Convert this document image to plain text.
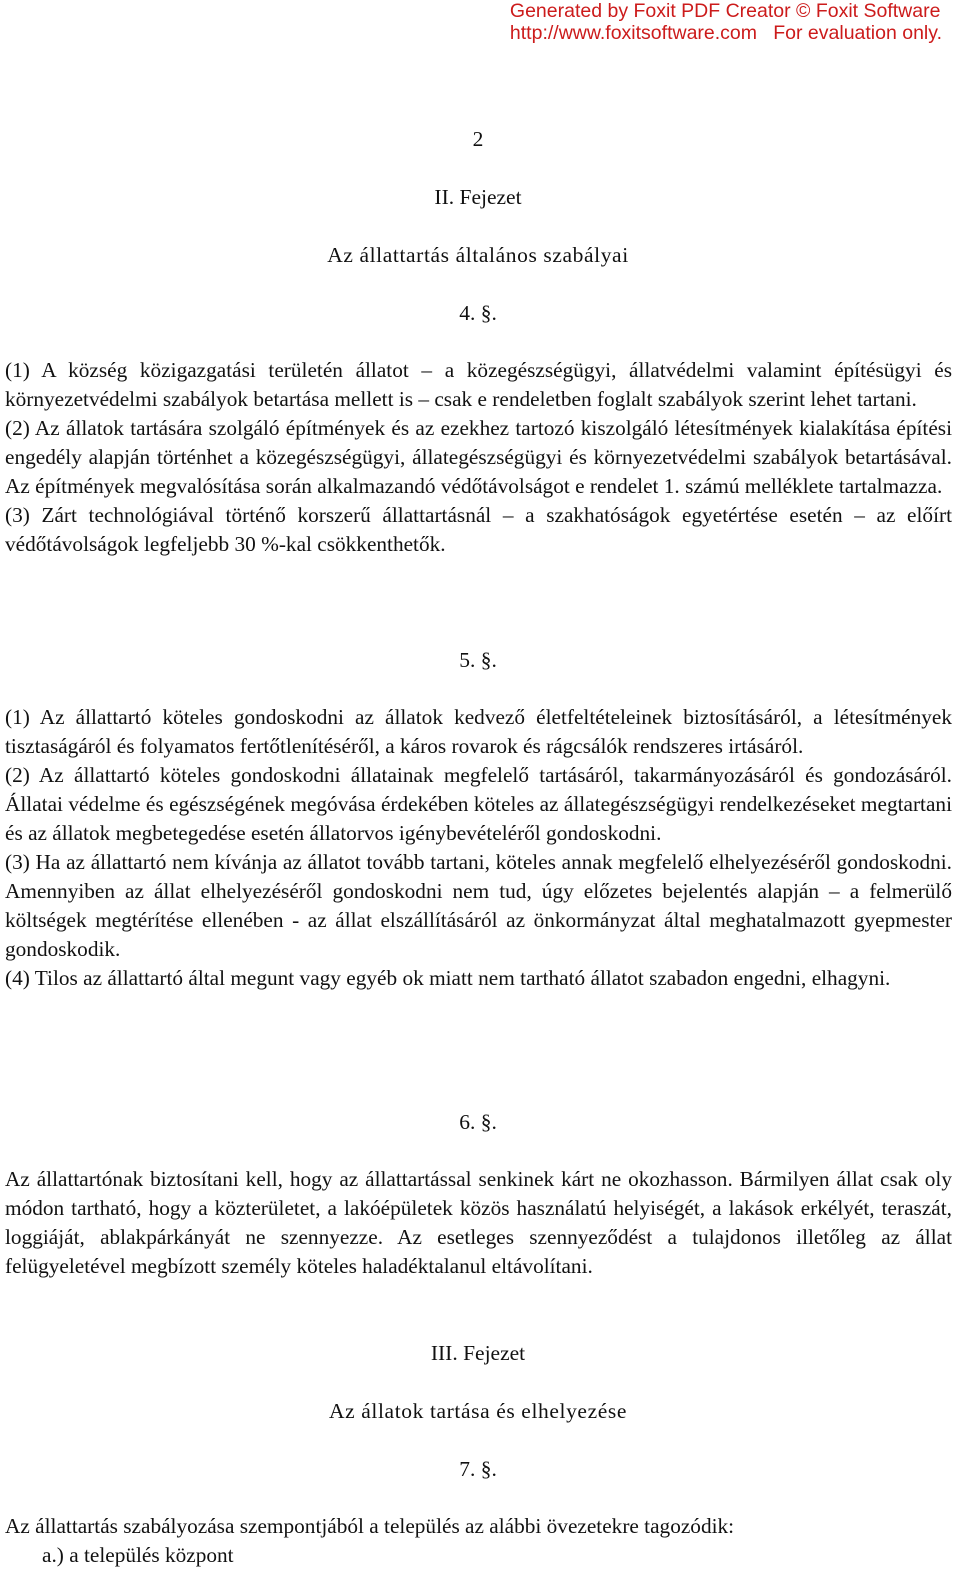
Generated by Foxit PDF Creator © Foxit Software
http://www.foxitsoftware.com   For evaluation only.
2
II. Fejezet
Az állattartás általános szabályai
4. §.

(1) A község közigazgatási területén állatot – a közegészségügyi, állatvédelmi valamint építésügyi és környezetvédelmi szabályok betartása mellett is – csak e rendeletben foglalt szabályok szerint lehet tartani.

(2) Az állatok tartására szolgáló építmények és az ezekhez tartozó kiszolgáló létesítmények kialakítása építési engedély alapján történhet a közegészségügyi, állategészségügyi és környezetvédelmi szabályok betartásával. Az építmények megvalósítása során alkalmazandó védőtávolságot e rendelet 1. számú melléklete tartalmazza.

(3) Zárt technológiával történő korszerű állattartásnál – a szakhatóságok egyetértése esetén – az előírt védőtávolságok legfeljebb 30 %-kal csökkenthetők.

5. §.

(1) Az állattartó köteles gondoskodni az állatok kedvező életfeltételeinek biztosításáról, a létesítmények tisztaságáról és folyamatos fertőtlenítéséről, a káros rovarok és rágcsálók rendszeres irtásáról.

(2) Az állattartó köteles gondoskodni állatainak megfelelő tartásáról, takarmányozásáról és gondozásáról. Állatai védelme és egészségének megóvása érdekében köteles az állategészségügyi rendelkezéseket megtartani és az állatok megbetegedése esetén állatorvos igénybevételéről gondoskodni.

(3) Ha az állattartó nem kívánja az állatot tovább tartani, köteles annak megfelelő elhelyezéséről gondoskodni. Amennyiben az állat elhelyezéséről gondoskodni nem tud, úgy előzetes bejelentés alapján – a felmerülő költségek megtérítése ellenében - az állat elszállításáról az önkormányzat által meghatalmazott gyepmester gondoskodik.

(4) Tilos az állattartó által megunt vagy egyéb ok miatt nem tartható állatot szabadon engedni, elhagyni.

6. §.

Az állattartónak biztosítani kell, hogy az állattartással senkinek kárt ne okozhasson. Bármilyen állat csak oly módon tartható, hogy a közterületet, a lakóépületek közös használatú helyiségét, a lakások erkélyét, teraszát, loggiáját, ablakpárkányát ne szennyezze. Az esetleges szennyeződést a tulajdonos illetőleg az állat felügyeletével megbízott személy köteles haladéktalanul eltávolítani.

III. Fejezet
Az állatok tartása és elhelyezése
7. §.

Az állattartás szabályozása szempontjából a település az alábbi övezetekre tagozódik:

a.) a település központ
